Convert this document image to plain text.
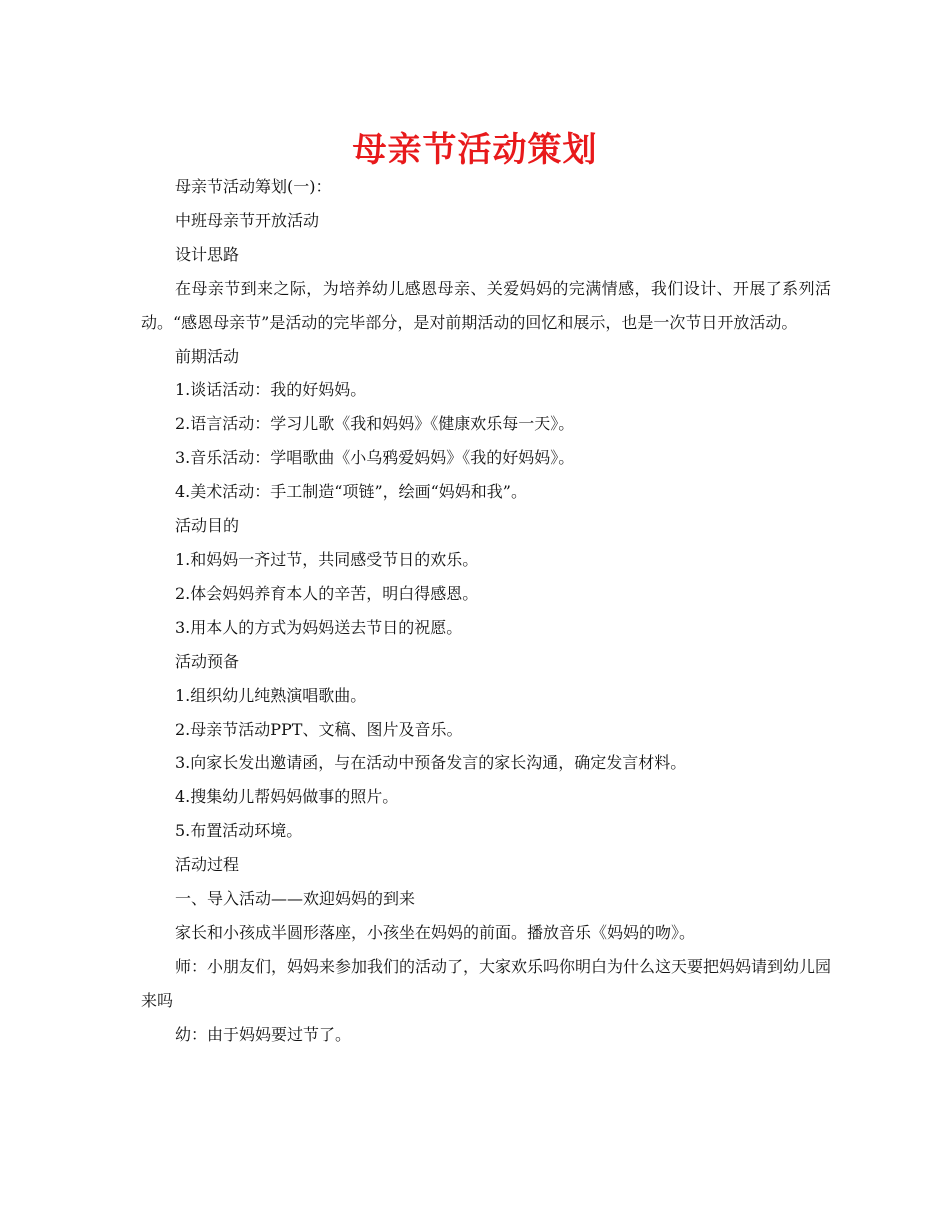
母亲节活动策划

母亲节活动筹划(一)：

中班母亲节开放活动

设计思路

在母亲节到来之际，为培养幼儿感恩母亲、关爱妈妈的完满情感，我们设计、开展了系列活动。“感恩母亲节”是活动的完毕部分，是对前期活动的回忆和展示，也是一次节日开放活动。

前期活动

1.谈话活动：我的好妈妈。

2.语言活动：学习儿歌《我和妈妈》《健康欢乐每一天》。

3.音乐活动：学唱歌曲《小乌鸦爱妈妈》《我的好妈妈》。

4.美术活动：手工制造“项链”，绘画“妈妈和我”。

活动目的

1.和妈妈一齐过节，共同感受节日的欢乐。

2.体会妈妈养育本人的辛苦，明白得感恩。

3.用本人的方式为妈妈送去节日的祝愿。

活动预备

1.组织幼儿纯熟演唱歌曲。

2.母亲节活动PPT、文稿、图片及音乐。

3.向家长发出邀请函，与在活动中预备发言的家长沟通，确定发言材料。

4.搜集幼儿帮妈妈做事的照片。

5.布置活动环境。

活动过程

一、导入活动——欢迎妈妈的到来

家长和小孩成半圆形落座，小孩坐在妈妈的前面。播放音乐《妈妈的吻》。

师：小朋友们，妈妈来参加我们的活动了，大家欢乐吗你明白为什么这天要把妈妈请到幼儿园来吗

幼：由于妈妈要过节了。
